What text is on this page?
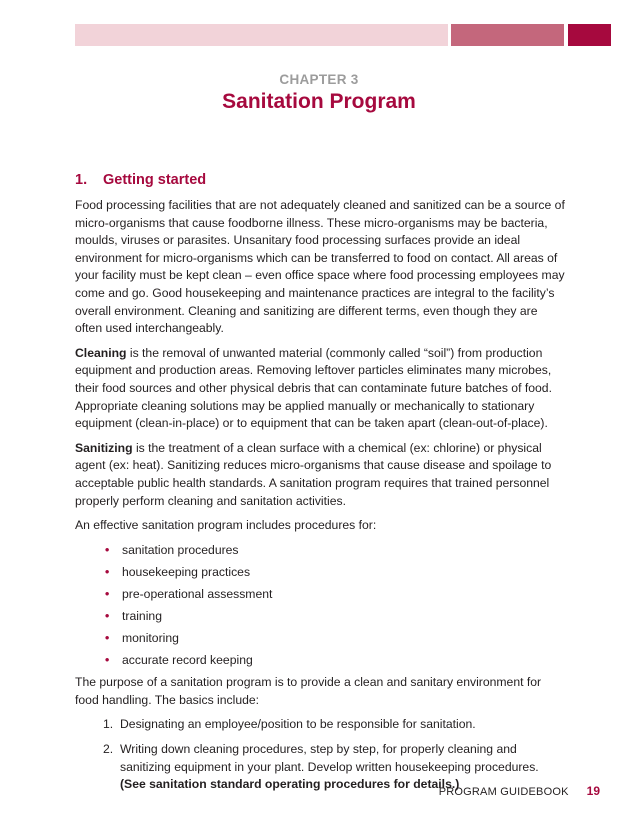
CHAPTER 3
Sanitation Program
1. Getting started

Food processing facilities that are not adequately cleaned and sanitized can be a source of micro-organisms that cause foodborne illness. These micro-organisms may be bacteria, moulds, viruses or parasites. Unsanitary food processing surfaces provide an ideal environment for micro-organisms which can be transferred to food on contact. All areas of your facility must be kept clean – even office space where food processing employees may come and go. Good housekeeping and maintenance practices are integral to the facility’s overall environment. Cleaning and sanitizing are different terms, even though they are often used interchangeably.

Cleaning is the removal of unwanted material (commonly called “soil”) from production equipment and production areas. Removing leftover particles eliminates many microbes, their food sources and other physical debris that can contaminate future batches of food. Appropriate cleaning solutions may be applied manually or mechanically to stationary equipment (clean-in-place) or to equipment that can be taken apart (clean-out-of-place).

Sanitizing is the treatment of a clean surface with a chemical (ex: chlorine) or physical agent (ex: heat). Sanitizing reduces micro-organisms that cause disease and spoilage to acceptable public health standards. A sanitation program requires that trained personnel properly perform cleaning and sanitation activities.

An effective sanitation program includes procedures for:

• sanitation procedures
• housekeeping practices
• pre-operational assessment
• training
• monitoring
• accurate record keeping

The purpose of a sanitation program is to provide a clean and sanitary environment for food handling. The basics include:

1. Designating an employee/position to be responsible for sanitation.
2. Writing down cleaning procedures, step by step, for properly cleaning and sanitizing equipment in your plant. Develop written housekeeping procedures. (See sanitation standard operating procedures for details.)
PROGRAM GUIDEBOOK 19
